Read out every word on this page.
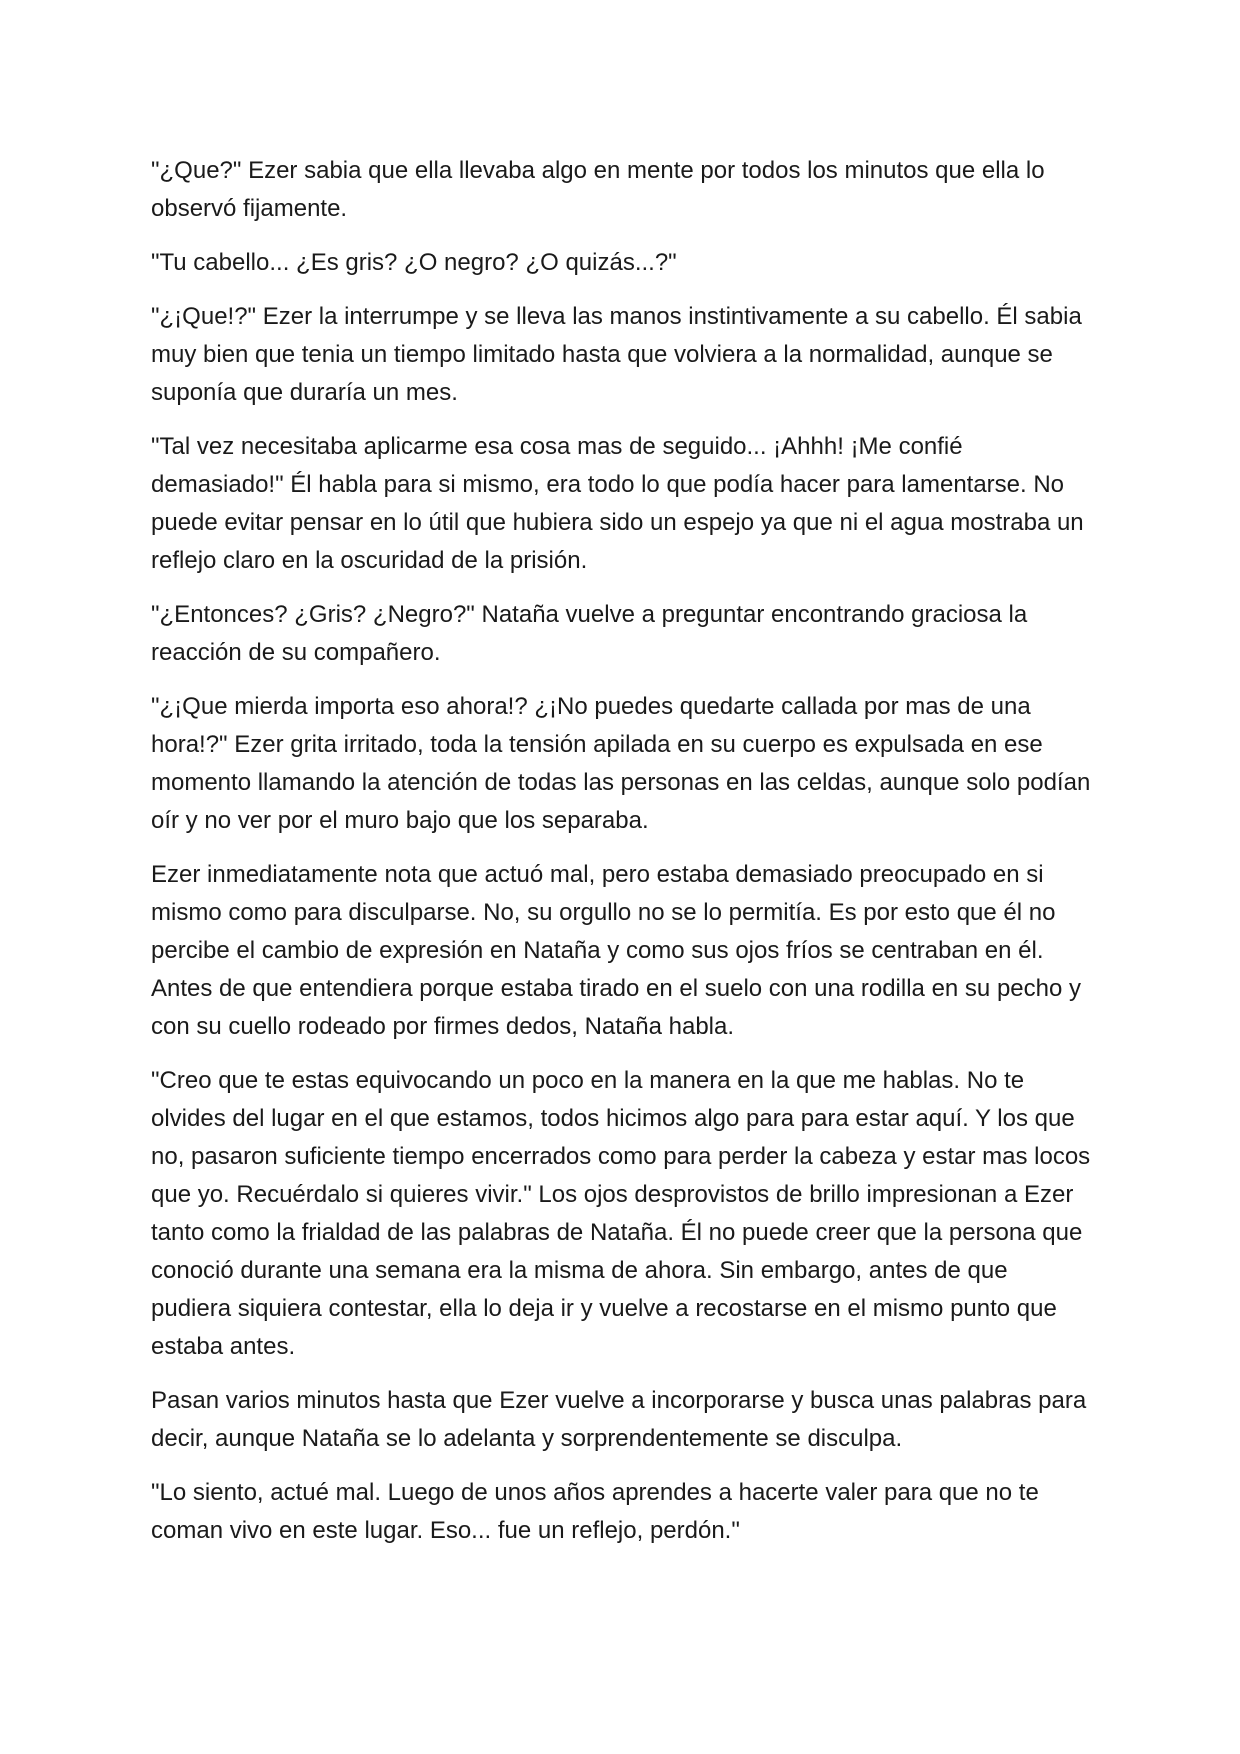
"¿Que?" Ezer sabia que ella llevaba algo en mente por todos los minutos que ella lo observó fijamente.

"Tu cabello... ¿Es gris? ¿O negro? ¿O quizás...?"

"¿¡Que!?" Ezer la interrumpe y se lleva las manos instintivamente a su cabello. Él sabia muy bien que tenia un tiempo limitado hasta que volviera a la normalidad, aunque se suponía que duraría un mes.

"Tal vez necesitaba aplicarme esa cosa mas de seguido... ¡Ahhh! ¡Me confié demasiado!" Él habla para si mismo, era todo lo que podía hacer para lamentarse. No puede evitar pensar en lo útil que hubiera sido un espejo ya que ni el agua mostraba un reflejo claro en la oscuridad de la prisión.

"¿Entonces? ¿Gris? ¿Negro?" Nataña vuelve a preguntar encontrando graciosa la reacción de su compañero.

"¿¡Que mierda importa eso ahora!? ¿¡No puedes quedarte callada por mas de una hora!?" Ezer grita irritado, toda la tensión apilada en su cuerpo es expulsada en ese momento llamando la atención de todas las personas en las celdas, aunque solo podían oír y no ver por el muro bajo que los separaba.

Ezer inmediatamente nota que actuó mal, pero estaba demasiado preocupado en si mismo como para disculparse. No, su orgullo no se lo permitía. Es por esto que él no percibe el cambio de expresión en Nataña y como sus ojos fríos se centraban en él. Antes de que entendiera porque estaba tirado en el suelo con una rodilla en su pecho y con su cuello rodeado por firmes dedos, Nataña habla.

"Creo que te estas equivocando un poco en la manera en la que me hablas. No te olvides del lugar en el que estamos, todos hicimos algo para para estar aquí. Y los que no, pasaron suficiente tiempo encerrados como para perder la cabeza y estar mas locos que yo. Recuérdalo si quieres vivir." Los ojos desprovistos de brillo impresionan a Ezer tanto como la frialdad de las palabras de Nataña. Él no puede creer que la persona que conoció durante una semana era la misma de ahora. Sin embargo, antes de que pudiera siquiera contestar, ella lo deja ir y vuelve a recostarse en el mismo punto que estaba antes.

Pasan varios minutos hasta que Ezer vuelve a incorporarse y busca unas palabras para decir, aunque Nataña se lo adelanta y sorprendentemente se disculpa.

"Lo siento, actué mal. Luego de unos años aprendes a hacerte valer para que no te coman vivo en este lugar. Eso... fue un reflejo, perdón."
